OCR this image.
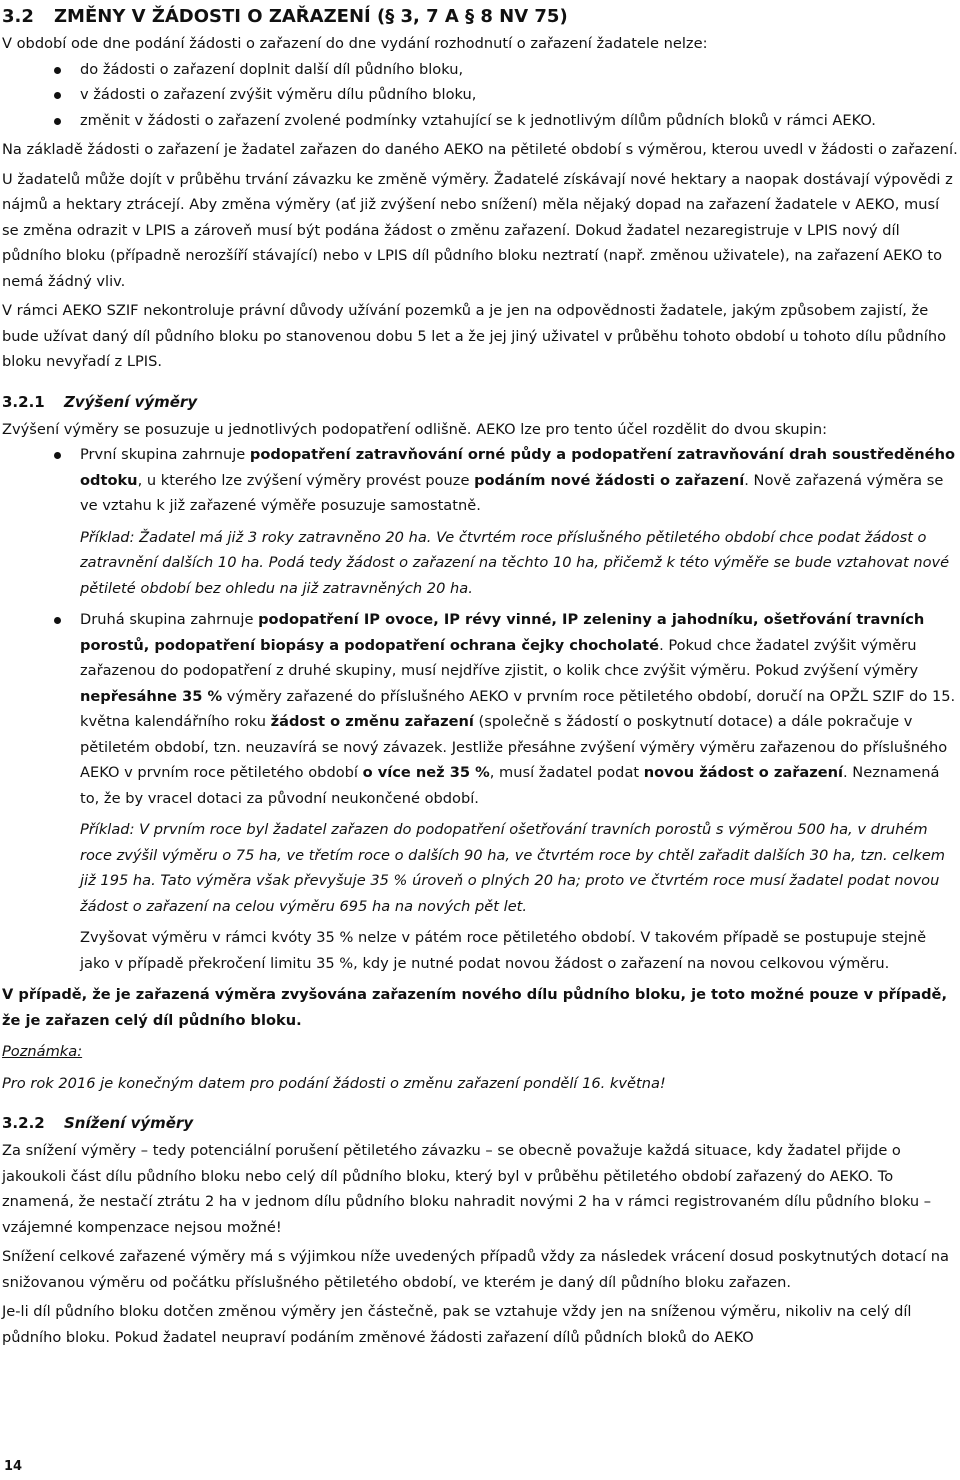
3.2 ZMĚNY V ŽÁDOSTI O ZAŘAZENÍ (§ 3, 7 A § 8 NV 75)

V období ode dne podání žádosti o zařazení do dne vydání rozhodnutí o zařazení žadatele nelze:

do žádosti o zařazení doplnit další díl půdního bloku,
v žádosti o zařazení zvýšit výměru dílu půdního bloku,
změnit v žádosti o zařazení zvolené podmínky vztahující se k jednotlivým dílům půdních bloků v rámci AEKO.

Na základě žádosti o zařazení je žadatel zařazen do daného AEKO na pětileté období s výměrou, kterou uvedl v žádosti o zařazení.

U žadatelů může dojít v průběhu trvání závazku ke změně výměry. Žadatelé získávají nové hektary a naopak dostávají výpovědi z nájmů a hektary ztrácejí. Aby změna výměry (ať již zvýšení nebo snížení) měla nějaký dopad na zařazení žadatele v AEKO, musí se změna odrazit v LPIS a zároveň musí být podána žádost o změnu zařazení. Dokud žadatel nezaregistruje v LPIS nový díl půdního bloku (případně nerozšíří stávající) nebo v LPIS díl půdního bloku neztratí (např. změnou uživatele), na zařazení AEKO to nemá žádný vliv.

V rámci AEKO SZIF nekontroluje právní důvody užívání pozemků a je jen na odpovědnosti žadatele, jakým způsobem zajistí, že bude užívat daný díl půdního bloku po stanovenou dobu 5 let a že jej jiný uživatel v průběhu tohoto období u tohoto dílu půdního bloku nevyřadí z LPIS.

3.2.1 Zvýšení výměry

Zvýšení výměry se posuzuje u jednotlivých podopatření odlišně. AEKO lze pro tento účel rozdělit do dvou skupin:

První skupina zahrnuje podopatření zatravňování orné půdy a podopatření zatravňování drah soustředěného odtoku, u kterého lze zvýšení výměry provést pouze podáním nové žádosti o zařazení. Nově zařazená výměra se ve vztahu k již zařazené výměře posuzuje samostatně.

Příklad: Žadatel má již 3 roky zatravněno 20 ha. Ve čtvrtém roce příslušného pětiletého období chce podat žádost o zatravnění dalších 10 ha. Podá tedy žádost o zařazení na těchto 10 ha, přičemž k této výměře se bude vztahovat nové pětileté období bez ohledu na již zatravněných 20 ha.

Druhá skupina zahrnuje podopatření IP ovoce, IP révy vinné, IP zeleniny a jahodníku, ošetřování travních porostů, podopatření biopásy a podopatření ochrana čejky chocholaté. Pokud chce žadatel zvýšit výměru zařazenou do podopatření z druhé skupiny, musí nejdříve zjistit, o kolik chce zvýšit výměru. Pokud zvýšení výměry nepřesáhne 35 % výměry zařazené do příslušného AEKO v prvním roce pětiletého období, doručí na OPŽL SZIF do 15. května kalendářního roku žádost o změnu zařazení (společně s žádostí o poskytnutí dotace) a dále pokračuje v pětiletém období, tzn. neuzavírá se nový závazek. Jestliže přesáhne zvýšení výměry výměru zařazenou do příslušného AEKO v prvním roce pětiletého období o více než 35 %, musí žadatel podat novou žádost o zařazení. Neznamená to, že by vracel dotaci za původní neukončené období.

Příklad: V prvním roce byl žadatel zařazen do podopatření ošetřování travních porostů s výměrou 500 ha, v druhém roce zvýšil výměru o 75 ha, ve třetím roce o dalších 90 ha, ve čtvrtém roce by chtěl zařadit dalších 30 ha, tzn. celkem již 195 ha. Tato výměra však převyšuje 35 % úroveň o plných 20 ha; proto ve čtvrtém roce musí žadatel podat novou žádost o zařazení na celou výměru 695 ha na nových pět let.

Zvyšovat výměru v rámci kvóty 35 % nelze v pátém roce pětiletého období. V takovém případě se postupuje stejně jako v případě překročení limitu 35 %, kdy je nutné podat novou žádost o zařazení na novou celkovou výměru.

V případě, že je zařazená výměra zvyšována zařazením nového dílu půdního bloku, je toto možné pouze v případě, že je zařazen celý díl půdního bloku.

Poznámka:

Pro rok 2016 je konečným datem pro podání žádosti o změnu zařazení pondělí 16. května!

3.2.2 Snížení výměry

Za snížení výměry – tedy potenciální porušení pětiletého závazku – se obecně považuje každá situace, kdy žadatel přijde o jakoukoli část dílu půdního bloku nebo celý díl půdního bloku, který byl v průběhu pětiletého období zařazený do AEKO. To znamená, že nestačí ztrátu 2 ha v jednom dílu půdního bloku nahradit novými 2 ha v rámci registrovaném dílu půdního bloku – vzájemné kompenzace nejsou možné!

Snížení celkové zařazené výměry má s výjimkou níže uvedených případů vždy za následek vrácení dosud poskytnutých dotací na snižovanou výměru od počátku příslušného pětiletého období, ve kterém je daný díl půdního bloku zařazen.

Je-li díl půdního bloku dotčen změnou výměry jen částečně, pak se vztahuje vždy jen na sníženou výměru, nikoliv na celý díl půdního bloku. Pokud žadatel neupraví podáním změnové žádosti zařazení dílů půdních bloků do AEKO

14
